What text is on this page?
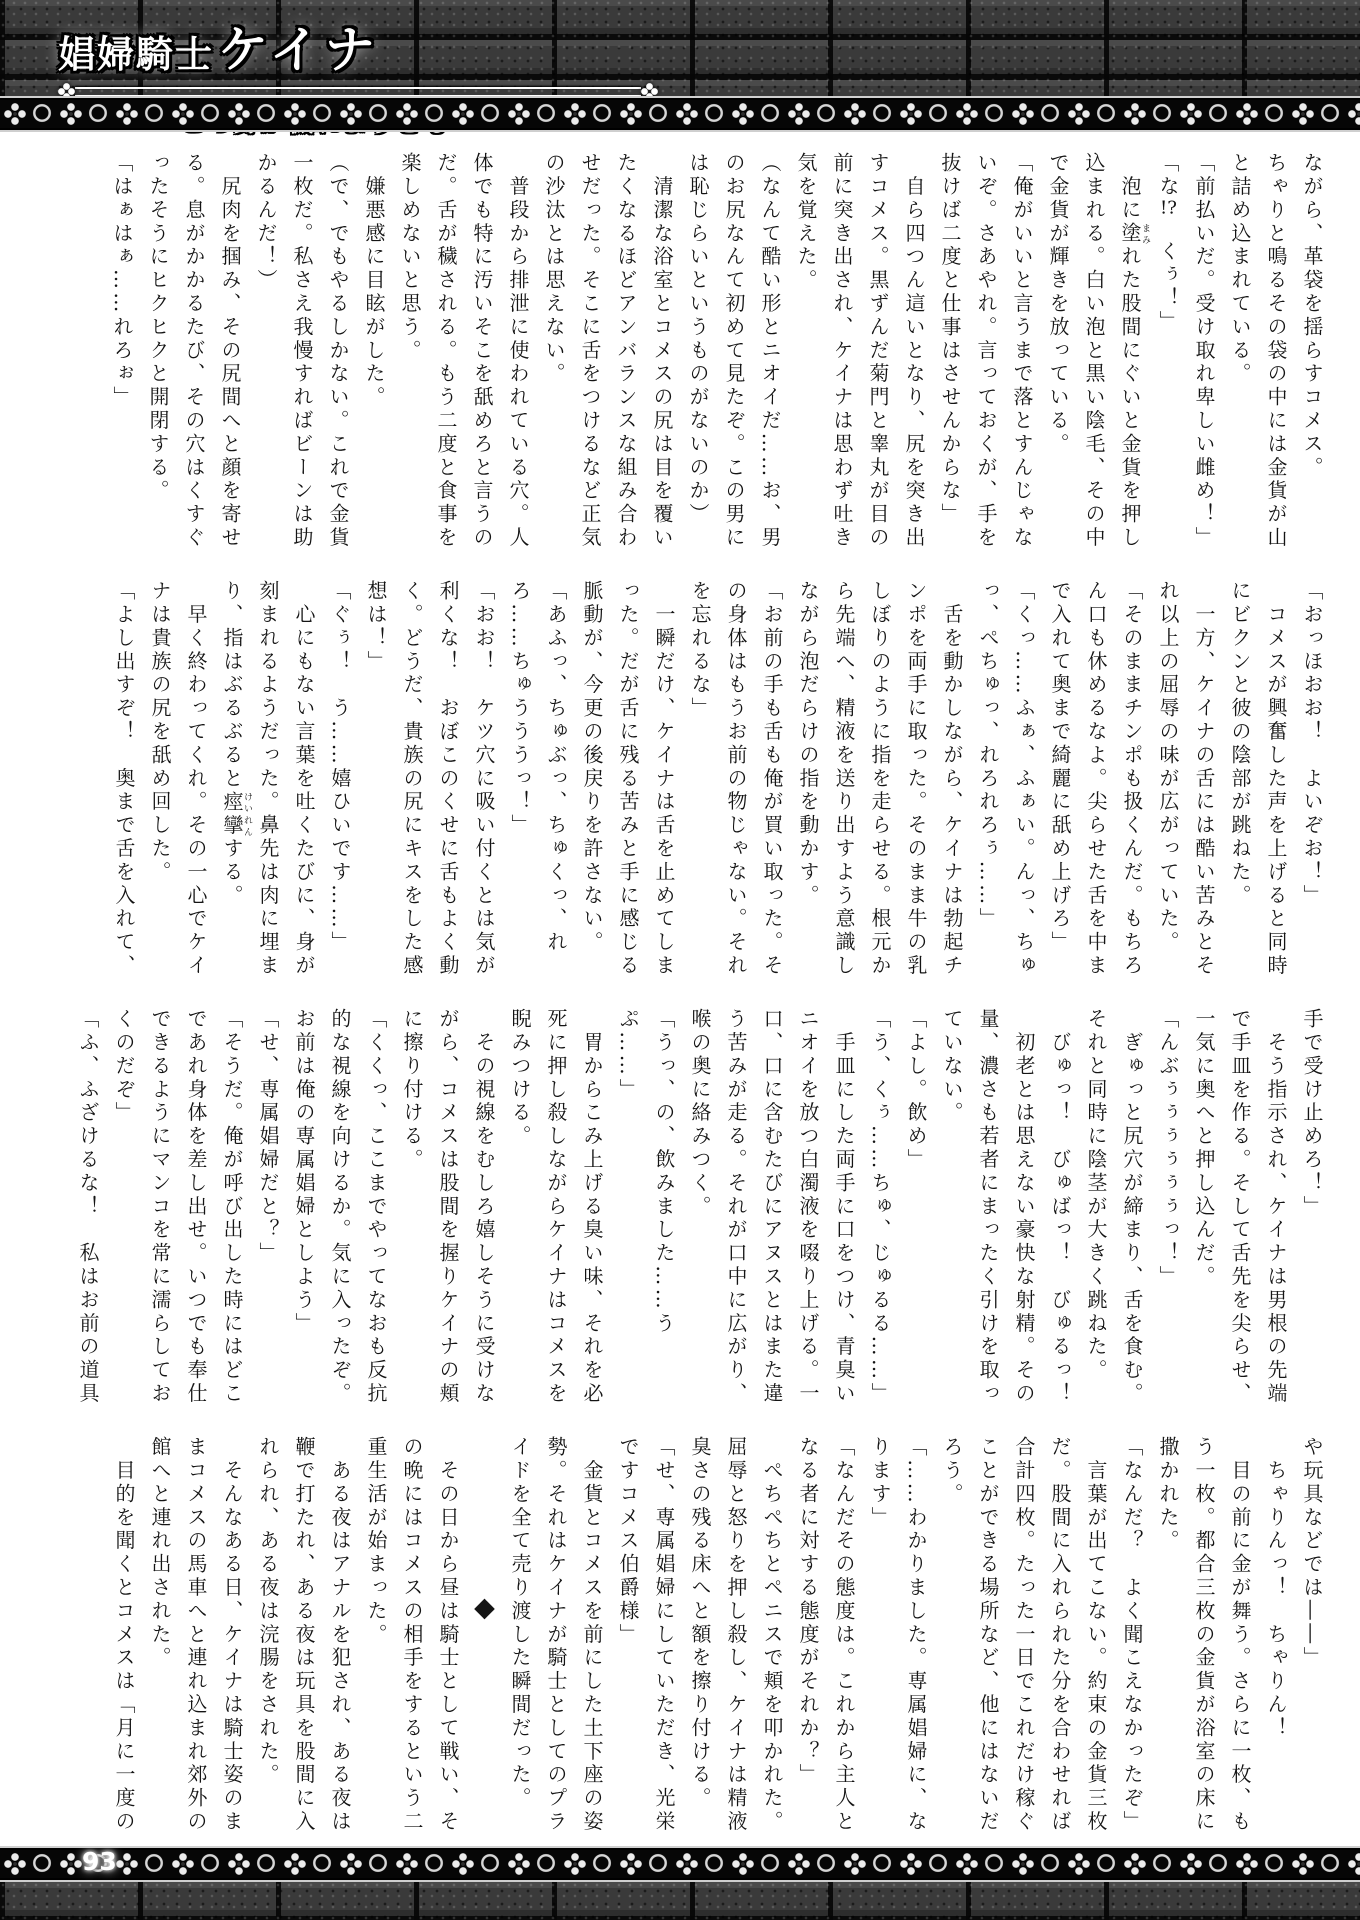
娼婦騎士 ケイナ

ながら、革袋を揺らすコメス。

ちゃりと鳴るその袋の中には金貨が山と詰め込まれている。

「前払いだ。受け取れ卑しい雌め！」

「な!?　くぅ！」

　泡に塗まみれた股間にぐいと金貨を押し込まれる。白い泡と黒い陰毛、その中で金貨が輝きを放っている。

「俺がいいと言うまで落とすんじゃないぞ。さあやれ。言っておくが、手を抜けば二度と仕事はさせんからな」

　自ら四つん這いとなり、尻を突き出すコメス。黒ずんだ菊門と睾丸が目の前に突き出され、ケイナは思わず吐き気を覚えた。

（なんて酷い形とニオイだ……お、男のお尻なんて初めて見たぞ。この男には恥じらいというものがないのか）

　清潔な浴室とコメスの尻は目を覆いたくなるほどアンバランスな組み合わせだった。そこに舌をつけるなど正気の沙汰とは思えない。

　普段から排泄に使われている穴。人体でも特に汚いそこを舐めろと言うのだ。舌が穢される。もう二度と食事を楽しめないと思う。

　嫌悪感に目眩がした。

（で、でもやるしかない。これで金貨一枚だ。私さえ我慢すればビーンは助かるんだ！）

　尻肉を掴み、その尻間へと顔を寄せる。息がかかるたび、その穴はくすぐったそうにヒクヒクと開閉する。

「はぁはぁ……れろぉ」

「おっほおお！　よいぞお！」

　コメスが興奮した声を上げると同時にビクンと彼の陰部が跳ねた。

　一方、ケイナの舌には酷い苦みとそれ以上の屈辱の味が広がっていた。

「そのままチンポも扱くんだ。もちろん口も休めるなよ。尖らせた舌を中まで入れて奥まで綺麗に舐め上げろ」

「くっ……ふぁ、ふぁい。んっ、ちゅっ、ぺちゅっ、れろれろぅ……」

　舌を動かしながら、ケイナは勃起チンポを両手に取った。そのまま牛の乳しぼりのように指を走らせる。根元から先端へ、精液を送り出すよう意識しながら泡だらけの指を動かす。

「お前の手も舌も俺が買い取った。その身体はもうお前の物じゃない。それを忘れるな」

　一瞬だけ、ケイナは舌を止めてしまった。だが舌に残る苦みと手に感じる脈動が、今更の後戻りを許さない。

「あふっ、ちゅぶっ、ちゅくっ、れろ……ちゅうううっ！」

「おお！　ケツ穴に吸い付くとは気が利くな！　おぼこのくせに舌もよく動く。どうだ、貴族の尻にキスをした感想は！」

「ぐぅ！　う……嬉ひいです……」

　心にもない言葉を吐くたびに、身が刻まれるようだった。鼻先は肉に埋まり、指はぶるぶると痙攣けいれんする。

　早く終わってくれ。その一心でケイナは貴族の尻を舐め回した。

「よし出すぞ！　奥まで舌を入れて、

手で受け止めろ！」

　そう指示され、ケイナは男根の先端で手皿を作る。そして舌先を尖らせ、一気に奥へと押し込んだ。

「んぶぅぅぅぅぅぅっ！」

　ぎゅっと尻穴が締まり、舌を食む。それと同時に陰茎が大きく跳ねた。

　びゅっ！　びゅばっ！　びゅるっ！

　初老とは思えない豪快な射精。その量、濃さも若者にまったく引けを取っていない。

「よし。飲め」

「う、くぅ……ちゅ、じゅるる……」

　手皿にした両手に口をつけ、青臭いニオイを放つ白濁液を啜り上げる。一口、口に含むたびにアヌスとはまた違う苦みが走る。それが口中に広がり、喉の奥に絡みつく。

「うっ、の、飲みました……うぷ……」

　胃からこみ上げる臭い味、それを必死に押し殺しながらケイナはコメスを睨みつける。

　その視線をむしろ嬉しそうに受けながら、コメスは股間を握りケイナの頬に擦り付ける。

「くくっ、ここまでやってなおも反抗的な視線を向けるか。気に入ったぞ。お前は俺の専属娼婦としよう」

「せ、専属娼婦だと？」

「そうだ。俺が呼び出した時にはどこであれ身体を差し出せ。いつでも奉仕できるようにマンコを常に濡らしておくのだぞ」

「ふ、ふざけるな！　私はお前の道具

や玩具などでは――」

　ちゃりんっ！　ちゃりん！

　目の前に金が舞う。さらに一枚、もう一枚。都合三枚の金貨が浴室の床に撒かれた。

「なんだ？　よく聞こえなかったぞ」

　言葉が出てこない。約束の金貨三枚だ。股間に入れられた分を合わせれば合計四枚。たった一日でこれだけ稼ぐことができる場所など、他にはないだろう。

「……わかりました。専属娼婦に、なります」

「なんだその態度は。これから主人となる者に対する態度がそれか？」

　ぺちぺちとペニスで頬を叩かれた。屈辱と怒りを押し殺し、ケイナは精液臭さの残る床へと額を擦り付ける。

「せ、専属娼婦にしていただき、光栄ですコメス伯爵様」

　金貨とコメスを前にした土下座の姿勢。それはケイナが騎士としてのプライドを全て売り渡した瞬間だった。

◆

　その日から昼は騎士として戦い、その晩にはコメスの相手をするという二重生活が始まった。

　ある夜はアナルを犯され、ある夜は鞭で打たれ、ある夜は玩具を股間に入れられ、ある夜は浣腸をされた。

　そんなある日、ケイナは騎士姿のままコメスの馬車へと連れ込まれ郊外の館へと連れ出された。

　目的を聞くとコメスは「月に一度の

93
